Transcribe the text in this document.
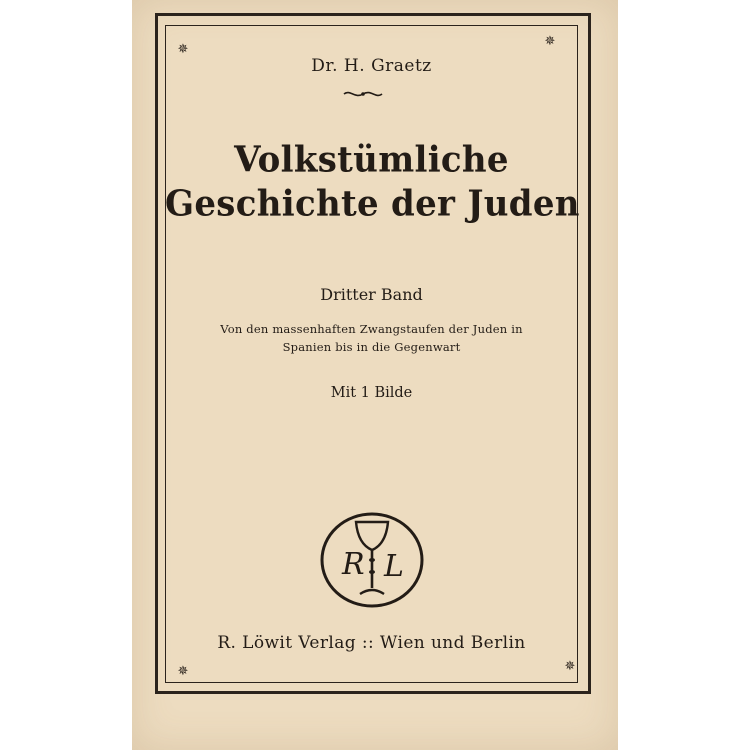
✵
✵
✵	✵
Dr. H. Graetz
Volkstümliche
Geschichte der Juden
Dritter Band
Von den massenhaften Zwangstaufen der Juden in
Spanien bis in die Gegenwart
Mit 1 Bilde
R L
R. Löwit Verlag :: Wien und Berlin
